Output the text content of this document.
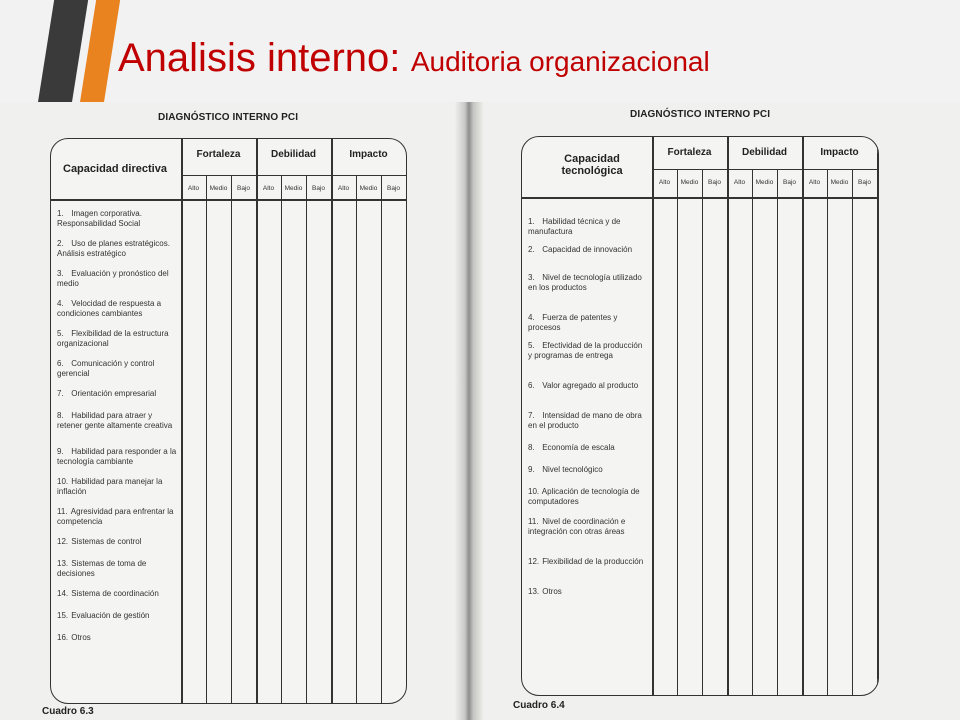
Analisis interno: Auditoria organizacional
DIAGNÓSTICO INTERNO PCI
Capacidad directiva
Fortaleza	Debilidad	Impacto
Alto	Medio	Bajo	Alto	Medio	Bajo	Alto	Medio	Bajo
1. Imagen corporativa. Responsabilidad Social
2. Uso de planes estratégicos. Análisis estratégico
3. Evaluación y pronóstico del medio
4. Velocidad de respuesta a condiciones cambiantes
5. Flexibilidad de la estructura organizacional
6. Comunicación y control gerencial
7. Orientación empresarial
8. Habilidad para atraer y retener gente altamente creativa
9. Habilidad para responder a la tecnología cambiante
10. Habilidad para manejar la inflación
11. Agresividad para enfrentar la competencia
12. Sistemas de control
13. Sistemas de toma de decisiones
14. Sistema de coordinación
15. Evaluación de gestión
16. Otros
Cuadro 6.3
DIAGNÓSTICO INTERNO PCI
Capacidad tecnológica
Fortaleza	Debilidad	Impacto
Alto	Medio	Bajo	Alto	Medio	Bajo	Alto	Medio	Bajo
1. Habilidad técnica y de manufactura
2. Capacidad de innovación
3. Nivel de tecnología utilizado en los productos
4. Fuerza de patentes y procesos
5. Efectividad de la producción y programas de entrega
6. Valor agregado al producto
7. Intensidad de mano de obra en el producto
8. Economía de escala
9. Nivel tecnológico
10. Aplicación de tecnología de computadores
11. Nivel de coordinación e integración con otras áreas
12. Flexibilidad de la producción
13. Otros
Cuadro 6.4
